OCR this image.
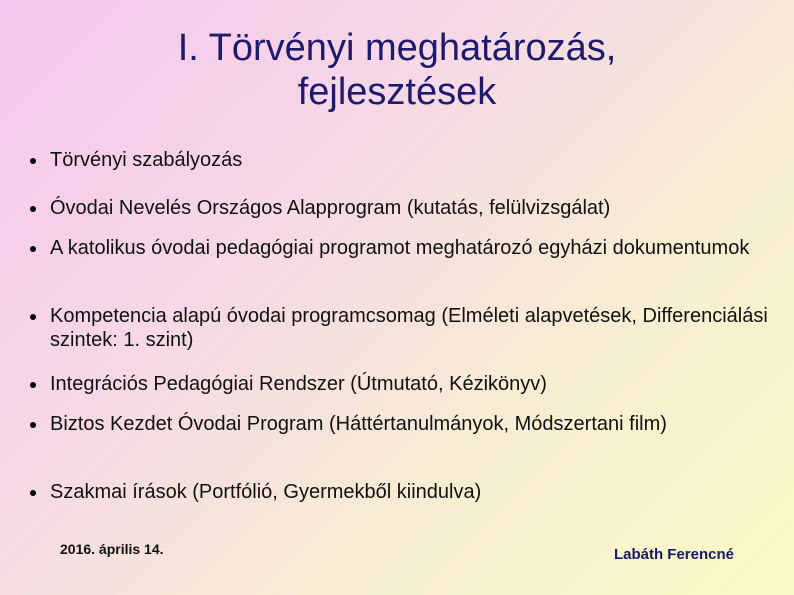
I. Törvényi meghatározás,
fejlesztések
Törvényi szabályozás
Óvodai Nevelés Országos Alapprogram (kutatás, felülvizsgálat)
A katolikus óvodai pedagógiai programot meghatározó egyházi dokumentumok
Kompetencia alapú óvodai programcsomag (Elméleti alapvetések, Differenciálási szintek: 1. szint)
Integrációs Pedagógiai Rendszer (Útmutató, Kézikönyv)
Biztos Kezdet Óvodai Program (Háttértanulmányok, Módszertani film)
Szakmai írások (Portfólió, Gyermekből kiindulva)
2016. április 14.	Labáth Ferencné
